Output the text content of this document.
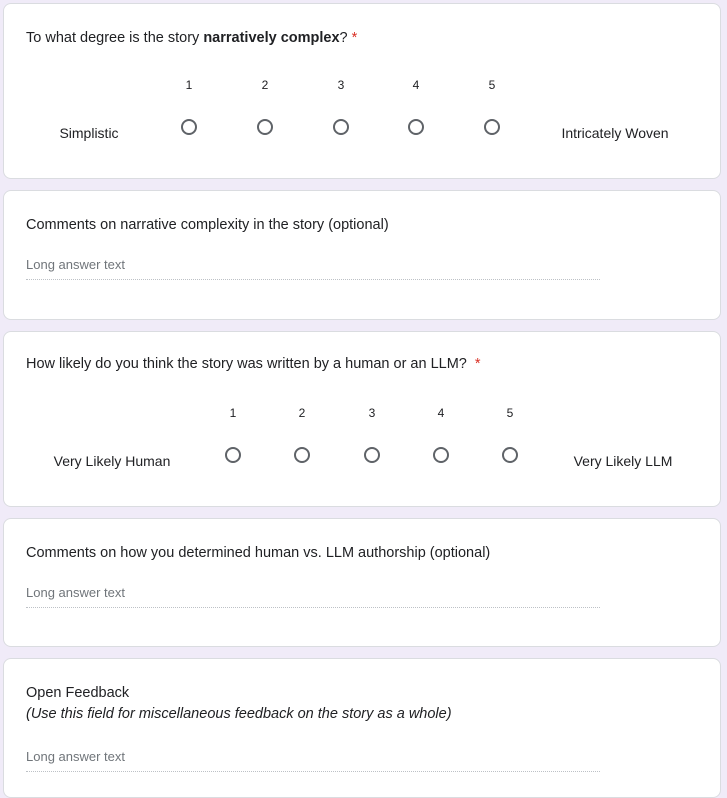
To what degree is the story narratively complex? *
1	2	3	4	5
Simplistic	Intricately Woven
Comments on narrative complexity in the story (optional)
Long answer text
How likely do you think the story was written by a human or an LLM? *
1	2	3	4	5
Very Likely Human	Very Likely LLM
Comments on how you determined human vs. LLM authorship (optional)
Long answer text
Open Feedback
(Use this field for miscellaneous feedback on the story as a whole)
Long answer text
